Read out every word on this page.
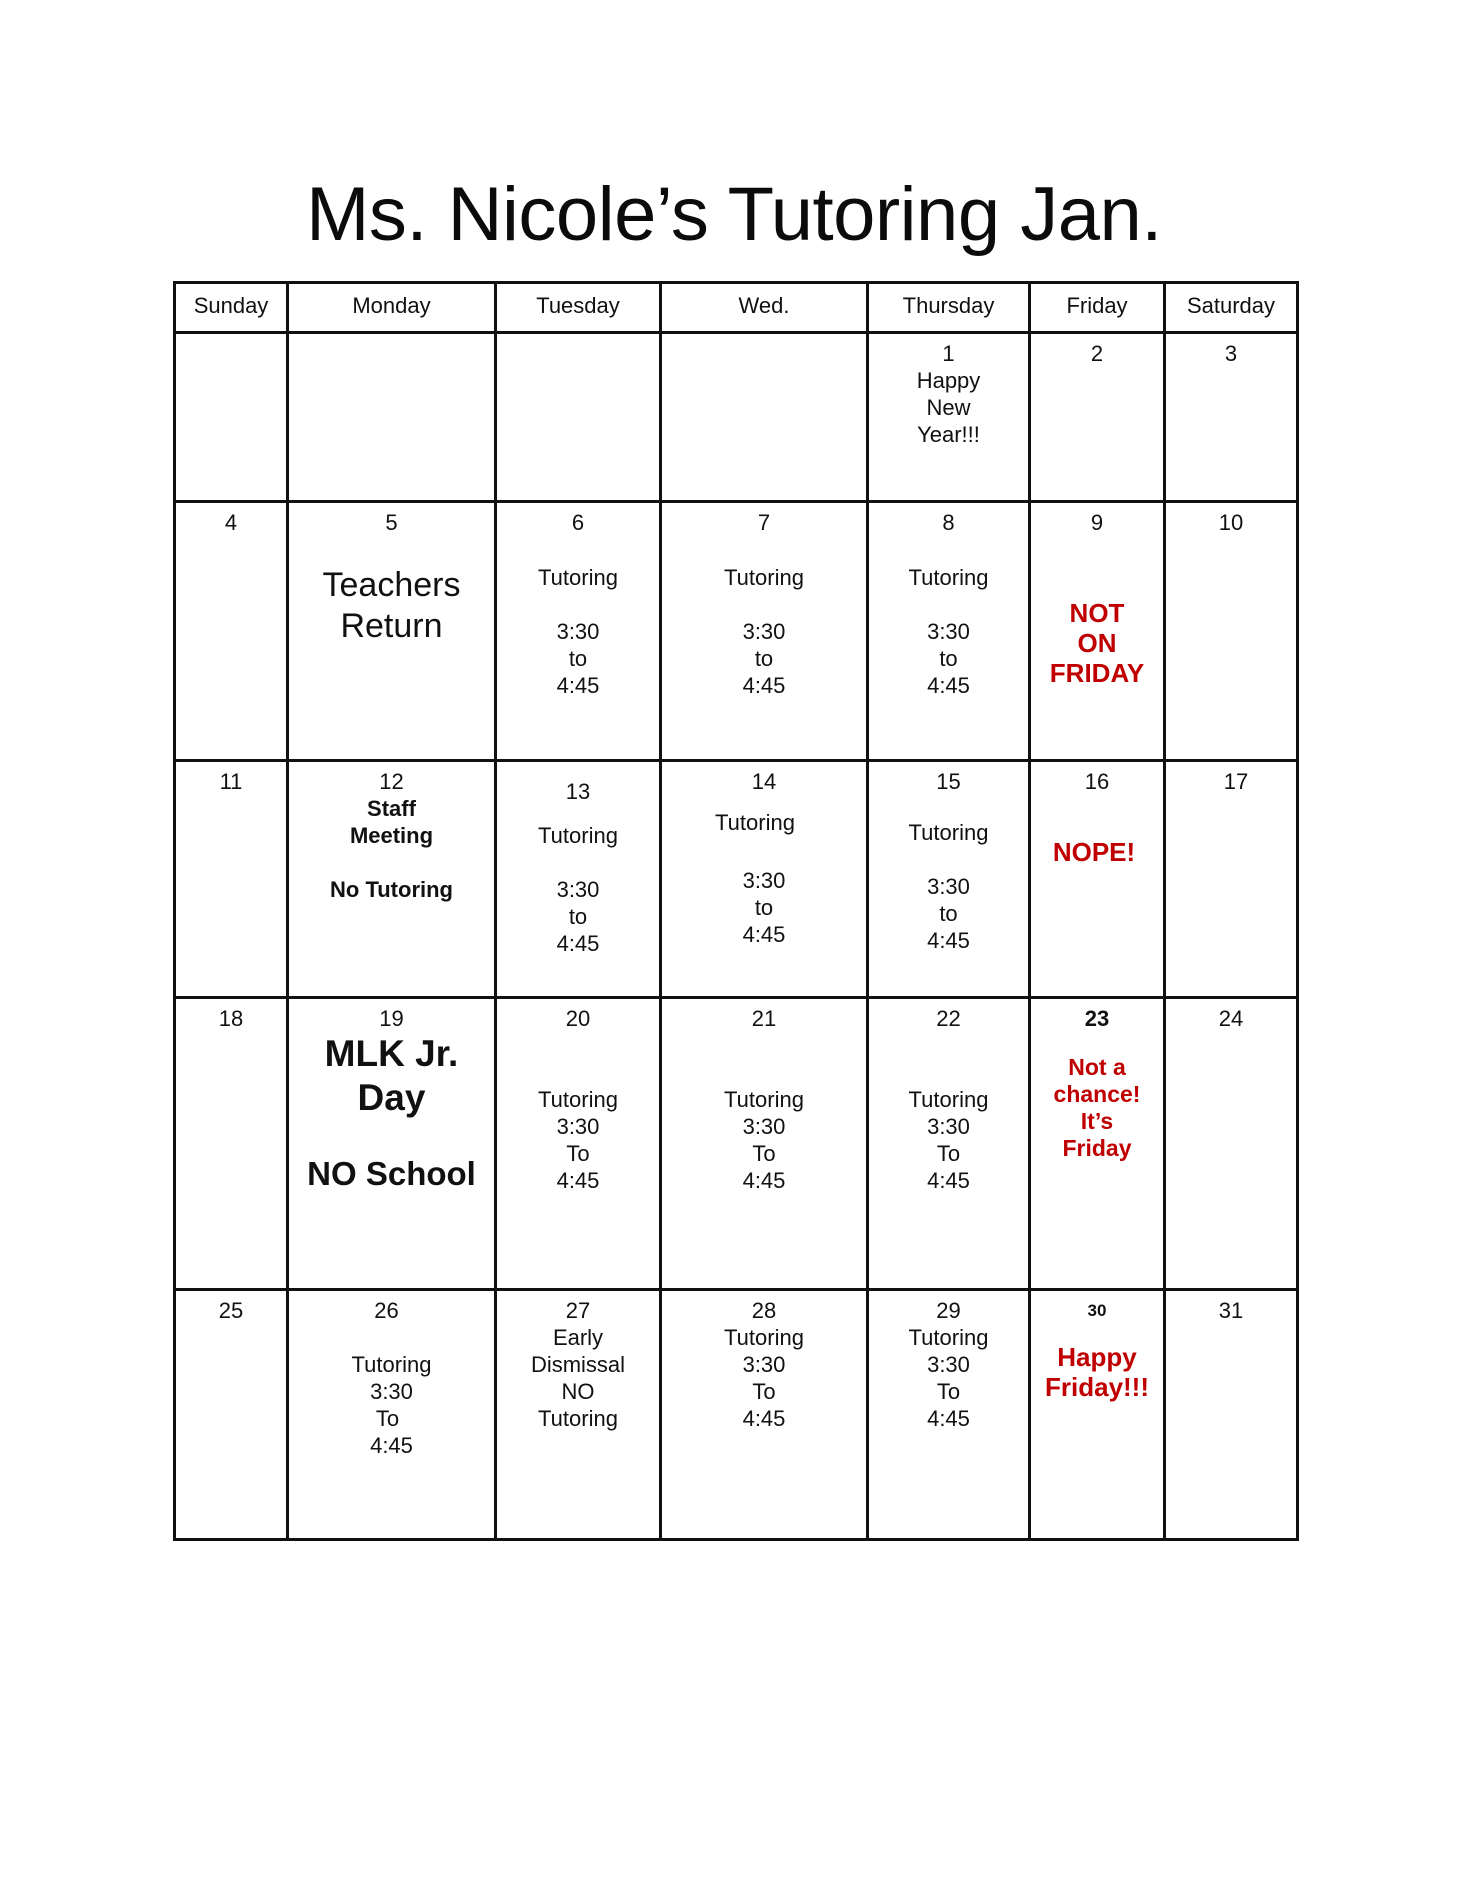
Ms. Nicole’s Tutoring Jan.
Sunday	Monday	Tuesday	Wed.	Thursday	Friday	Saturday

				1
Happy
New
Year!!!	2	3

4	5
Teachers
Return	6
Tutoring
3:30
to
4:45	7
Tutoring
3:30
to
4:45	8
Tutoring
3:30
to
4:45	9
NOT
ON
FRIDAY	10

11	12
Staff
Meeting
No Tutoring	13
Tutoring
3:30
to
4:45	14
Tutoring
3:30
to
4:45	15
Tutoring
3:30
to
4:45	16
NOPE!	17

18	19
MLK Jr.
Day
NO School	20
Tutoring
3:30
To
4:45	21
Tutoring
3:30
To
4:45	22
Tutoring
3:30
To
4:45	23
Not a
chance!
It’s
Friday	24

25	26
Tutoring
3:30
To
4:45	27
Early
Dismissal
NO
Tutoring	28
Tutoring
3:30
To
4:45	29
Tutoring
3:30
To
4:45	30
Happy
Friday!!!	31
